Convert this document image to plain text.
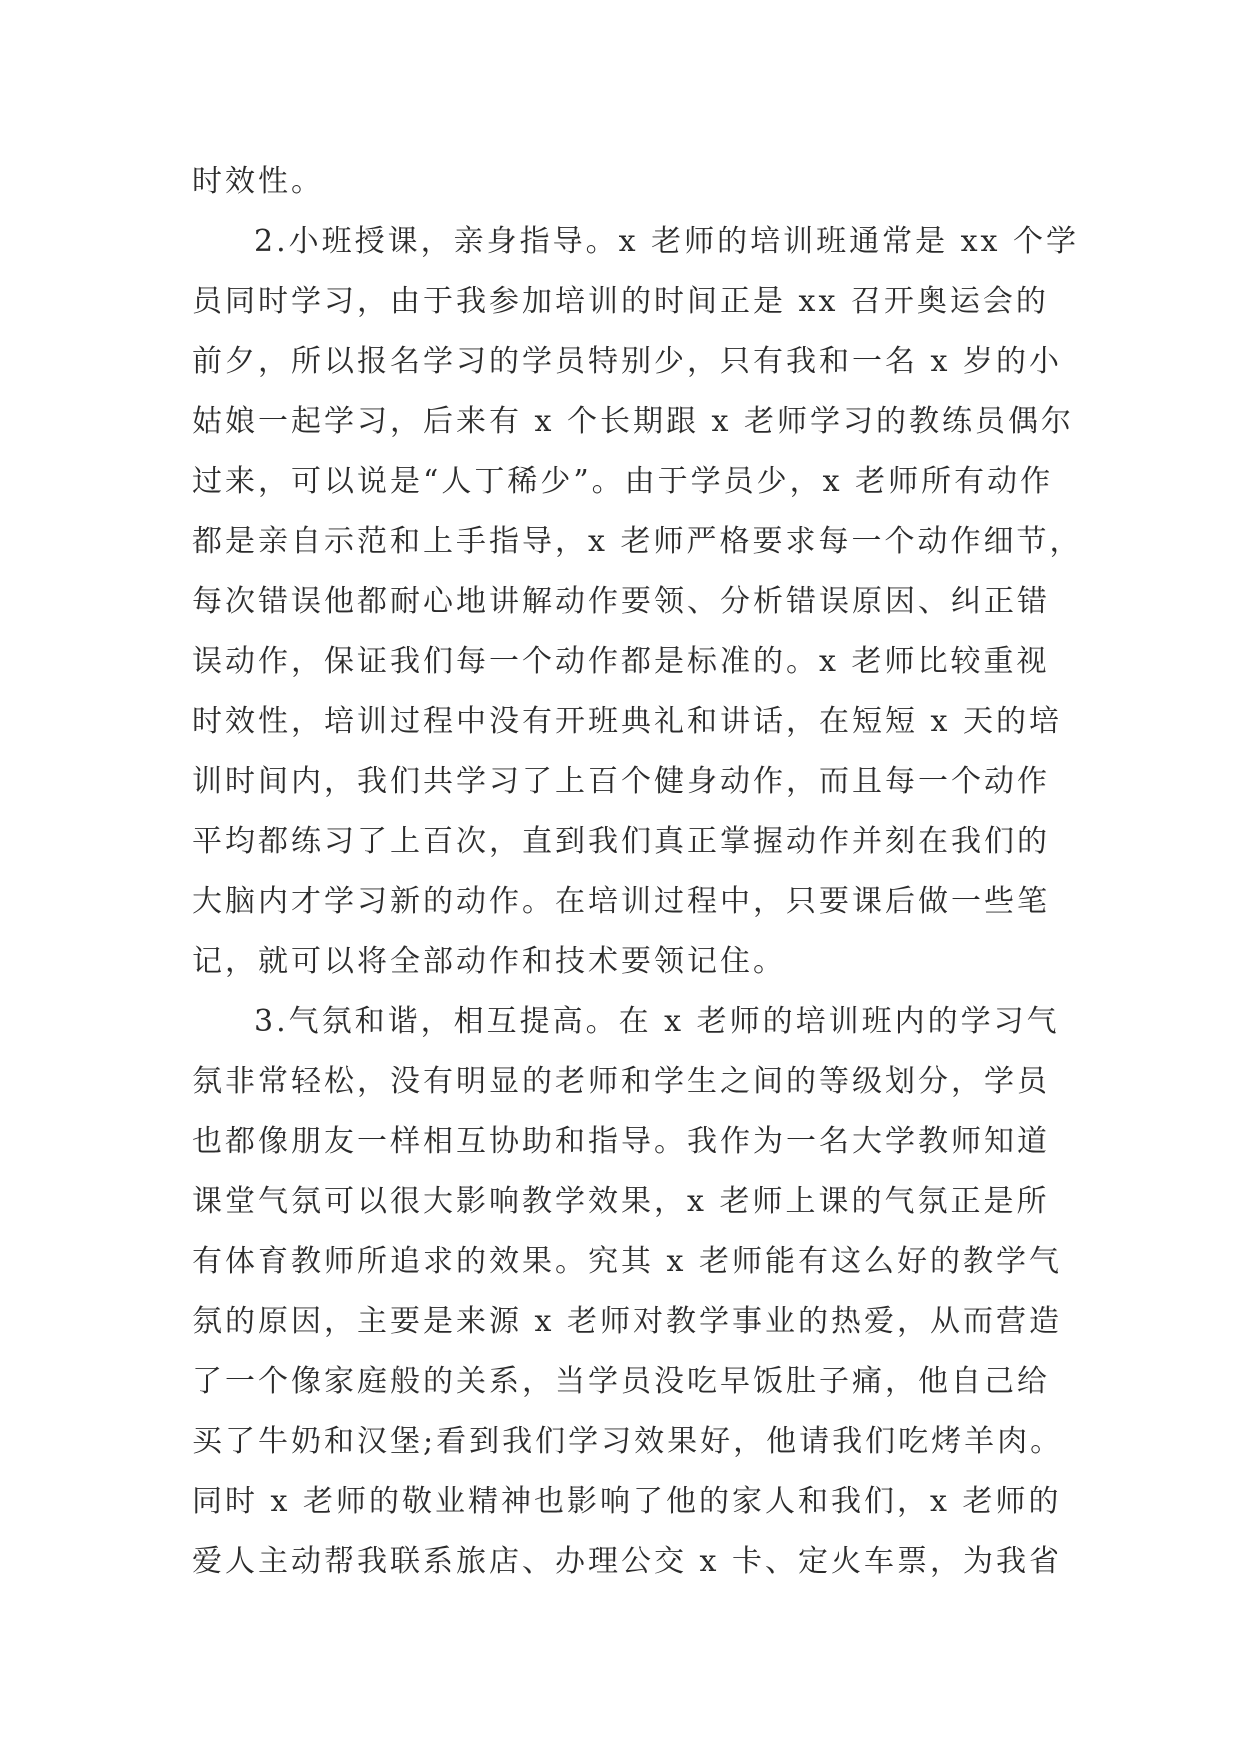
时效性。
2.小班授课，亲身指导。x 老师的培训班通常是 xx 个学
员同时学习，由于我参加培训的时间正是 xx 召开奥运会的
前夕，所以报名学习的学员特别少，只有我和一名 x 岁的小
姑娘一起学习，后来有 x 个长期跟 x 老师学习的教练员偶尔
过来，可以说是“人丁稀少”。由于学员少，x 老师所有动作
都是亲自示范和上手指导，x 老师严格要求每一个动作细节，
每次错误他都耐心地讲解动作要领、分析错误原因、纠正错
误动作，保证我们每一个动作都是标准的。x 老师比较重视
时效性，培训过程中没有开班典礼和讲话，在短短 x 天的培
训时间内，我们共学习了上百个健身动作，而且每一个动作
平均都练习了上百次，直到我们真正掌握动作并刻在我们的
大脑内才学习新的动作。在培训过程中，只要课后做一些笔
记，就可以将全部动作和技术要领记住。
3.气氛和谐，相互提高。在 x 老师的培训班内的学习气
氛非常轻松，没有明显的老师和学生之间的等级划分，学员
也都像朋友一样相互协助和指导。我作为一名大学教师知道
课堂气氛可以很大影响教学效果，x 老师上课的气氛正是所
有体育教师所追求的效果。究其 x 老师能有这么好的教学气
氛的原因，主要是来源 x 老师对教学事业的热爱，从而营造
了一个像家庭般的关系，当学员没吃早饭肚子痛，他自己给
买了牛奶和汉堡;看到我们学习效果好，他请我们吃烤羊肉。
同时 x 老师的敬业精神也影响了他的家人和我们，x 老师的
爱人主动帮我联系旅店、办理公交 x 卡、定火车票，为我省
